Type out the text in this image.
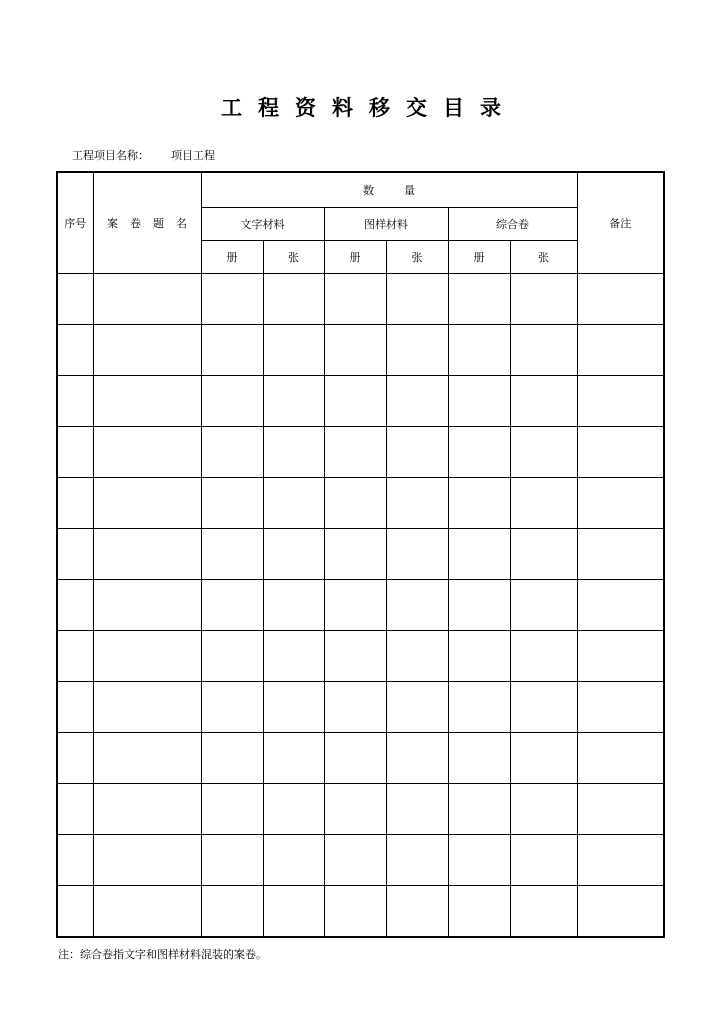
工程资料移交目录
工程项目名称： 项目工程
序号	案卷题名	数量						备注
		文字材料		图样材料		综合卷		
		册	张	册	张	册	张	

注：综合卷指文字和图样材料混装的案卷。
